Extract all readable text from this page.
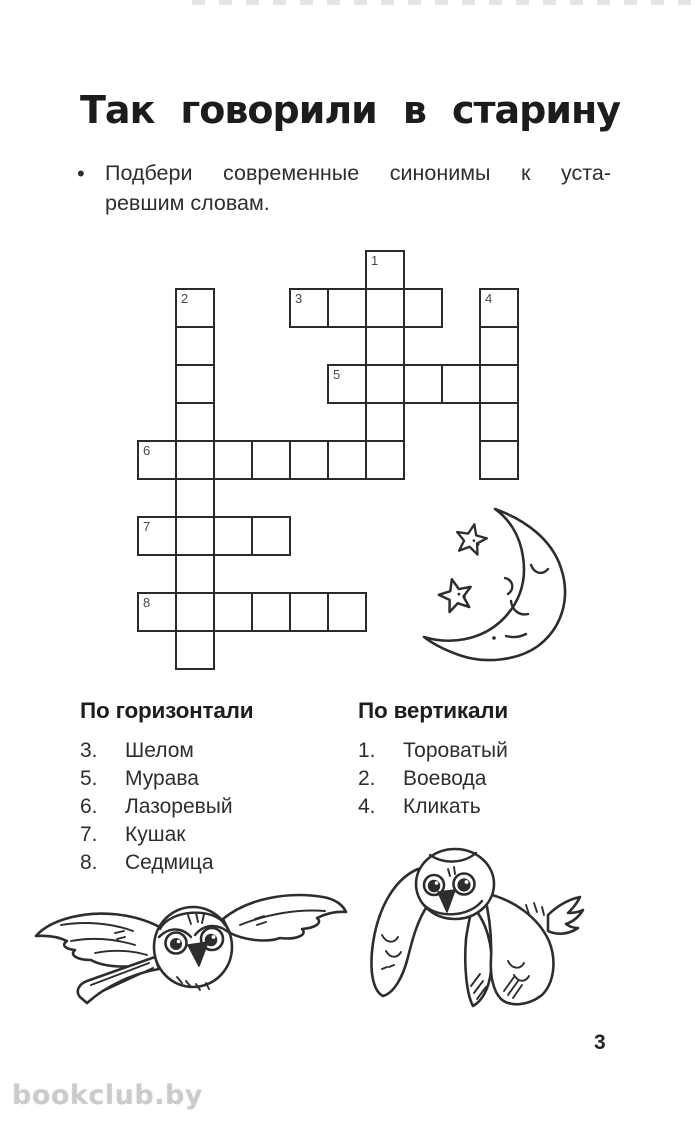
Так говорили в старину
• Подбери современные синонимы к уста-
ревшим словам.
1
2	3	4
5
6
7
8
По горизонтали
3.	Шелом
5.	Мурава
6.	Лазоревый
7.	Кушак
8.	Седмица
По вертикали
1.	Тороватый
2.	Воевода
4.	Кликать
3
bookclub.by
